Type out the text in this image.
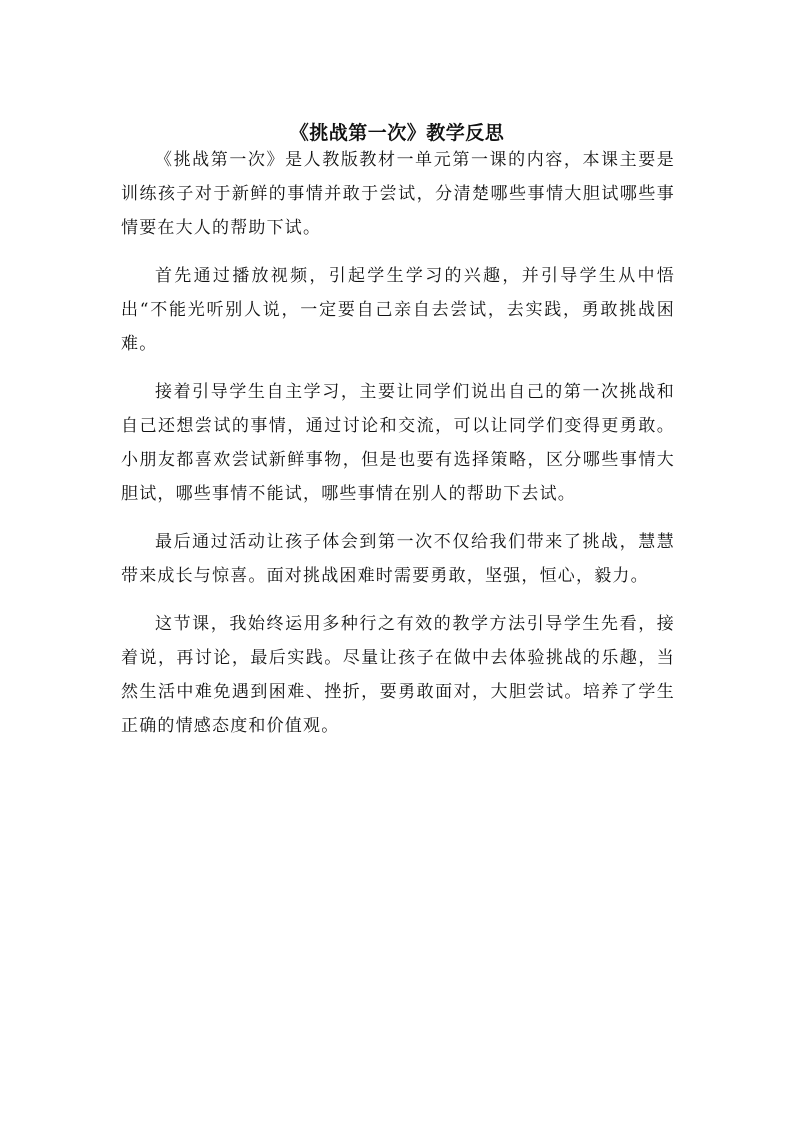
《挑战第一次》教学反思

《挑战第一次》是人教版教材一单元第一课的内容，本课主要是训练孩子对于新鲜的事情并敢于尝试，分清楚哪些事情大胆试哪些事情要在大人的帮助下试。

首先通过播放视频，引起学生学习的兴趣，并引导学生从中悟出“不能光听别人说，一定要自己亲自去尝试，去实践，勇敢挑战困难。

接着引导学生自主学习，主要让同学们说出自己的第一次挑战和自己还想尝试的事情，通过讨论和交流，可以让同学们变得更勇敢。小朋友都喜欢尝试新鲜事物，但是也要有选择策略，区分哪些事情大胆试，哪些事情不能试，哪些事情在别人的帮助下去试。

最后通过活动让孩子体会到第一次不仅给我们带来了挑战，慧慧带来成长与惊喜。面对挑战困难时需要勇敢，坚强，恒心，毅力。

这节课，我始终运用多种行之有效的教学方法引导学生先看，接着说，再讨论，最后实践。尽量让孩子在做中去体验挑战的乐趣，当然生活中难免遇到困难、挫折，要勇敢面对，大胆尝试。培养了学生正确的情感态度和价值观。
